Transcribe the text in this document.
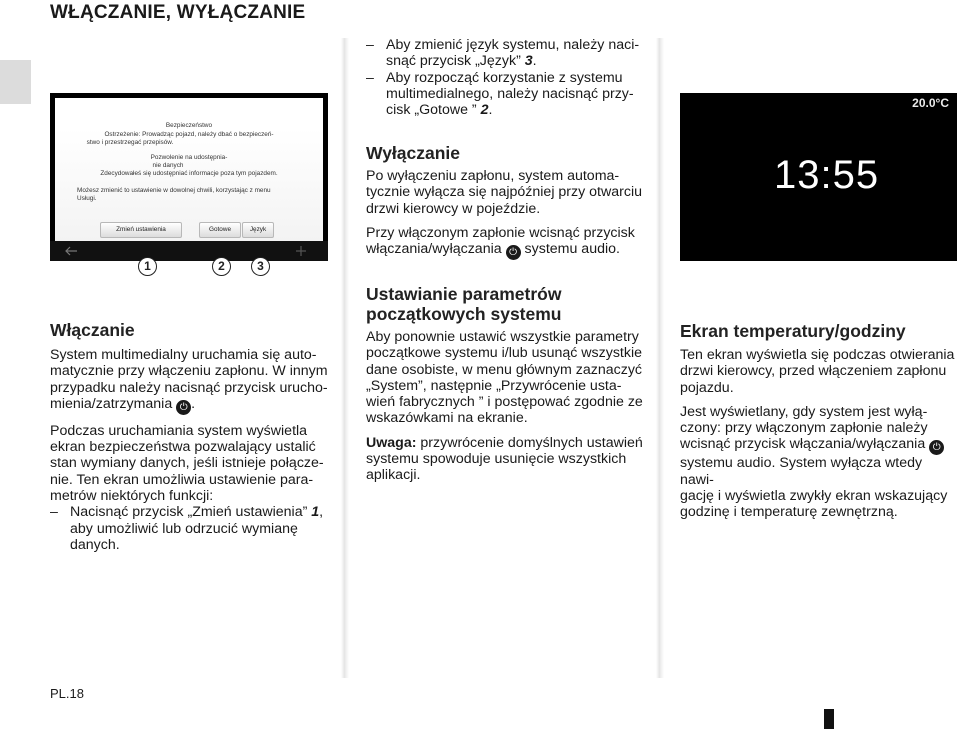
WŁĄCZANIE, WYŁĄCZANIE
Bezpieczeństwo
Ostrzeżenie: Prowadząc pojazd, należy dbać o bezpieczeń-
stwo i przestrzegać przepisów.
Pozwolenie na udostępnia-
nie danych
Zdecydowałeś się udostępniać informacje poza tym pojazdem.
Możesz zmienić to ustawienie w dowolnej chwili, korzystając z menu
Usługi.
Zmień ustawienia	Gotowe	Język
1	2	3
Włączanie
System multimedialny uruchamia się auto-
matycznie przy włączeniu zapłonu. W innym
przypadku należy nacisnąć przycisk urucho-
mienia/zatrzymania ⏻ .
Podczas uruchamiania system wyświetla
ekran bezpieczeństwa pozwalający ustalić
stan wymiany danych, jeśli istnieje połącze-
nie. Ten ekran umożliwia ustawienie para-
metrów niektórych funkcji:
– Nacisnąć przycisk „Zmień ustawienia” 1,
aby umożliwić lub odrzucić wymianę
danych.
– Aby zmienić język systemu, należy naci-
snąć przycisk „Język” 3.
– Aby rozpocząć korzystanie z systemu
multimedialnego, należy nacisnąć przy-
cisk „Gotowe ” 2.
Wyłączanie
Po wyłączeniu zapłonu, system automa-
tycznie wyłącza się najpóźniej przy otwarciu
drzwi kierowcy w pojeździe.
Przy włączonym zapłonie wcisnąć przycisk
włączania/wyłączania ⏻ systemu audio.
Ustawianie parametrów
początkowych systemu
Aby ponownie ustawić wszystkie parametry
początkowe systemu i/lub usunąć wszystkie
dane osobiste, w menu głównym zaznaczyć
„System”, następnie „Przywrócenie usta-
wień fabrycznych ” i postępować zgodnie ze
wskazówkami na ekranie.
Uwaga: przywrócenie domyślnych ustawień
systemu spowoduje usunięcie wszystkich
aplikacji.
20.0°C
13:55
Ekran temperatury/godziny
Ten ekran wyświetla się podczas otwierania
drzwi kierowcy, przed włączeniem zapłonu
pojazdu.
Jest wyświetlany, gdy system jest wyłą-
czony: przy włączonym zapłonie należy
wcisnąć przycisk włączania/wyłączania ⏻
systemu audio. System wyłącza wtedy nawi-
gację i wyświetla zwykły ekran wskazujący
godzinę i temperaturę zewnętrzną.
PL.18
